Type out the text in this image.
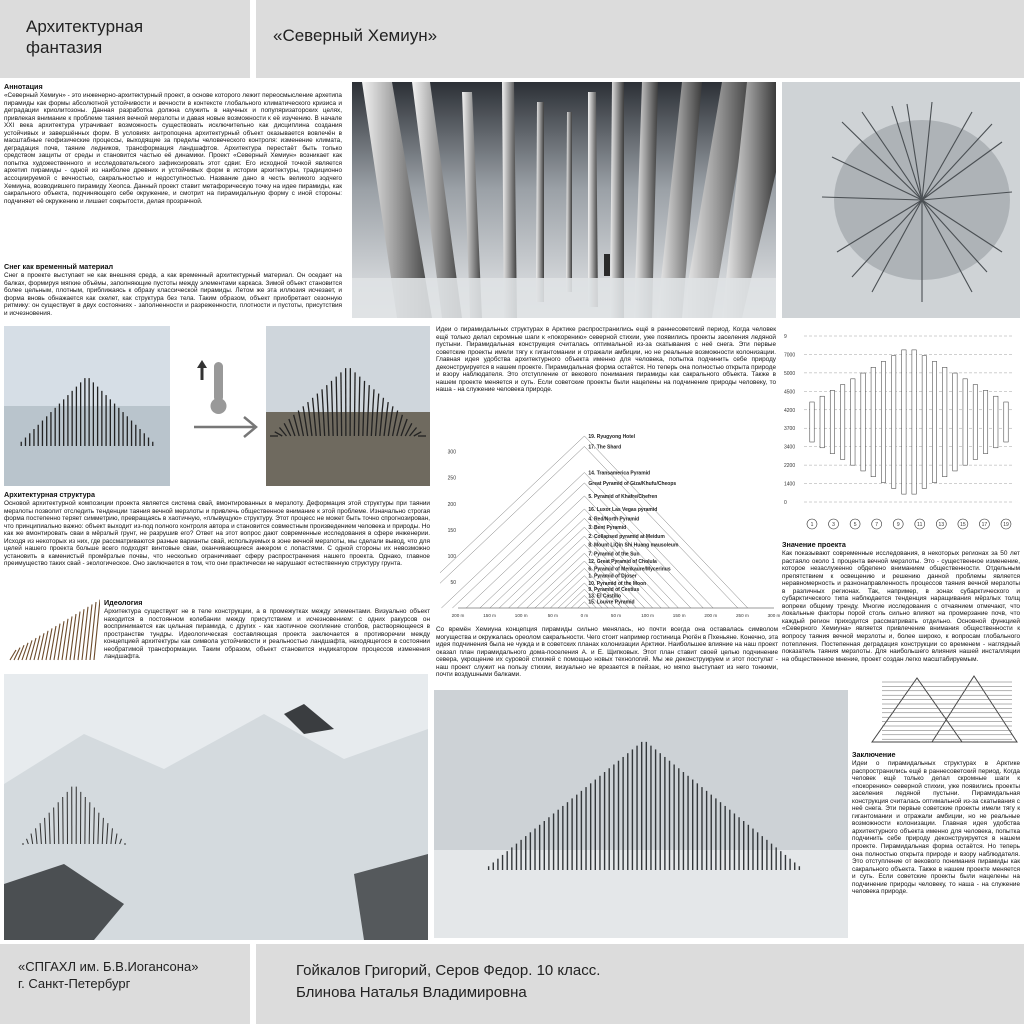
Архитектурная
фантазия
«Северный Хемиун»
Аннотация
«Северный Хемиун» - это инженерно-архитектурный проект, в основе которого лежит переосмысление архетипа пирамиды как формы абсолютной устойчивости и вечности в контексте глобального климатического кризиса и деградации криолитозоны. Данная разработка должна служить в научных и популяризаторских целях, привлекая внимание к проблеме таяния вечной мерзлоты и давая новые возможности к её изучению. В начале XXI века архитектура утрачивает возможность существовать исключительно как дисциплина создания устойчивых и завершённых форм. В условиях антропоцена архитектурный объект оказывается вовлечён в масштабные геофизические процессы, выходящие за пределы человеческого контроля: изменение климата, деградация почв, таяние ледников, трансформация ландшафтов. Архитектура перестаёт быть только средством защиты от среды и становится частью её динамики. Проект «Северный Хемиун» возникает как попытка художественного и исследовательского зафиксировать этот сдвиг. Его исходной точкой является архетип пирамиды - одной из наиболее древних и устойчивых форм в истории архитектуры, традиционно ассоциируемой с вечностью, сакральностью и недоступностью. Название дано в честь великого зодчего Хемиуна, возводившего пирамиду Хеопса. Данный проект ставит метафорическую точку на идее пирамиды, как сакрального объекта, подчиняющего себе окружение, и смотрит на пирамидальную форму с иной стороны: подчиняет её окружению и лишает сокрытости, делая прозрачной.
Снег как временный материал
Снег в проекте выступает не как внешняя среда, а как временный архитектурный материал. Он оседает на балках, формируя мягкие объёмы, заполняющие пустоты между элементами каркаса. Зимой объект становится более цельным, плотным, приближаясь к образу классической пирамиды. Летом же эта иллюзия исчезает, и форма вновь обнажается как скелет, как структура без тела. Таким образом, объект приобретает сезонную ритмику: он существует в двух состояниях - заполненности и разреженности, плотности и пустоты, присутствия и исчезновения.
Идеи о пирамидальных структурах в Арктике распространились ещё в раннесоветский период. Когда человек ещё только делал скромные шаги к «покорению» северной стихии, уже появились проекты заселения ледяной пустыни. Пирамидальная конструкция считалась оптимальной из-за скатывания с неё снега. Эти первые советские проекты имели тягу к гигантомании и отражали амбиции, но не реальные возможности колонизации. Главная идея удобства архитектурного объекта именно для человека, попытка подчинить себе природу деконструируется в нашем проекте. Пирамидальная форма остаётся. Но теперь она полностью открыта природе и взору наблюдателя. Это отступление от векового понимания пирамиды как сакрального объекта. Также в нашем проекте меняется и суть. Если советские проекты были нацелены на подчинение природы человеку, то наша - на служение человека природе.
9
7000
5000
4500
4200
3700
3400
2200
1400
0
1	3	5	7	9	11	13	15	17	19
Архитектурная структура
Основой архитектурной композиции проекта является система свай, вмонтированных в мерзлоту. Деформация этой структуры при таянии мерзлоты позволит отследить тенденции таяния вечной мерзлоты и привлечь общественное внимание к этой проблеме. Изначально строгая форма постепенно теряет симметрию, превращаясь в хаотичную, «плывущую» структуру. Этот процесс не может быть точно спрогнозирован, что принципиально важно: объект выходит из-под полного контроля автора и становится совместным произведением человека и природы. Но как же вмонтировать сваи в мёрзлый грунт, не разрушив его? Ответ на этот вопрос дают современные исследования в сфере инженерии. Исходя из некоторых из них, где рассматриваются разные варианты свай, используемых в зоне вечной мерзлоты, мы сделали вывод, что для целей нашего проекта больше всего подходят винтовые сваи, оканчивающиеся анкером с лопастями. С одной стороны их невозможно установить в каменистый промёрзлые почвы, что несколько ограничивает сферу распространения нашего проекта. Однако, главное преимущество таких свай - экологическое. Оно заключается в том, что они практически не нарушают естественную структуру грунта.
300
250
200
150
100
50
200 m	150 m	100 m	50 m	0 m	50 m	100 m	150 m	200 m	250 m	300 m
19. Ryugyong Hotel
17. The Shard
14. Transamerica Pyramid
Great Pyramid of Giza/Khufu/Cheops
5. Pyramid of Khafre/Chefren
16. Luxor Las Vegas pyramid
4. Red/North Pyramid
3. Bent Pyramid
2. Collapsed pyramid at Meidum
8. Mount LiQin Shi Huang mausoleum
7. Pyramid of the Sun
12. Great Pyramid of Cholula
6. Pyramid of Menkaure/Mycerinus
1. Pyramid of Djoser
10. Pyramid of the Moon
9. Pyramid of Cestius
13. El Castillo
15. Louvre Pyramid
Идеология
Архитектура существует не в теле конструкции, а в промежутках между элементами. Визуально объект находится в постоянном колебании между присутствием и исчезновением: с одних ракурсов он воспринимается как цельная пирамида, с других - как хаотичное скопление столбов, растворяющееся в пространстве тундры. Идеологическая составляющая проекта заключается в противоречии между концепцией архитектуры как символа устойчивости и реальностью ландшафта, находящегося в состоянии необратимой трансформации. Таким образом, объект становится индикатором процессов изменения ландшафта.
Со времён Хемиуна концепция пирамиды сильно менялась, но почти всегда она оставалась символом могущества и окружалась ореолом сакральности. Чего стоит например гостиница Рюгён в Пхеньяне. Конечно, эта идея подчинения была не чужда и в советских планах колонизации Арктики. Наибольшее влияние на наш проект оказал план пирамидального дома-поселения А. и Е. Щипковых. Этот план ставит своей целью подчинение севера, укрощение их суровой стихией с помощью новых технологий. Мы же деконструируем и этот постулат - наш проект служит на пользу стихии, визуально не врезается в пейзаж, но мягко выступает из него тонкими, почти воздушными балками.
Значение проекта
Как показывают современные исследования, в некоторых регионах за 50 лет растаяло около 1 процента вечной мерзлоты. Это - существенное изменение, которое незаслуженно обделено вниманием общественности. Отдельным препятствием к освещению и решению данной проблемы является неравномерность и разнонаправленность процессов таяния вечной мерзлоты в различных регионах. Так, например, в зонах субарктического и субарктического типа наблюдается тенденция наращивания мёрзлых толщ вопреки общему тренду. Многие исследования с отчаянием отмечают, что локальные факторы порой столь сильно влияют на промерзание почв, что каждый регион приходится рассматривать отдельно. Основной функцией «Северного Хемиуна» является привлечение внимания общественности к вопросу таяния вечной мерзлоты и, более широко, к вопросам глобального потепления. Постепенная деградация конструкции со временем - наглядный показатель таяния мерзлоты. Для наибольшего влияния нашей инсталляции на общественное мнение, проект создан легко масштабируемым.
Заключение
Идеи о пирамидальных структурах в Арктике распространились ещё в раннесоветский период. Когда человек ещё только делал скромные шаги к «покорению» северной стихии, уже появились проекты заселения ледяной пустыни. Пирамидальная конструкция считалась оптимальной из-за скатывания с неё снега. Эти первые советские проекты имели тягу к гигантомании и отражали амбиции, но не реальные возможности колонизации. Главная идея удобства архитектурного объекта именно для человека, попытка подчинить себе природу деконструируется в нашем проекте. Пирамидальная форма остаётся. Но теперь она полностью открыта природе и взору наблюдателя. Это отступление от векового понимания пирамиды как сакрального объекта. Также в нашем проекте меняется и суть. Если советские проекты были нацелены на подчинение природы человеку, то наша - на служение человека природе.
«СПГАХЛ им. Б.В.Иогансона»
г. Санкт-Петербург
Гойкалов Григорий, Серов Федор. 10 класс.
Блинова Наталья Владимировна
